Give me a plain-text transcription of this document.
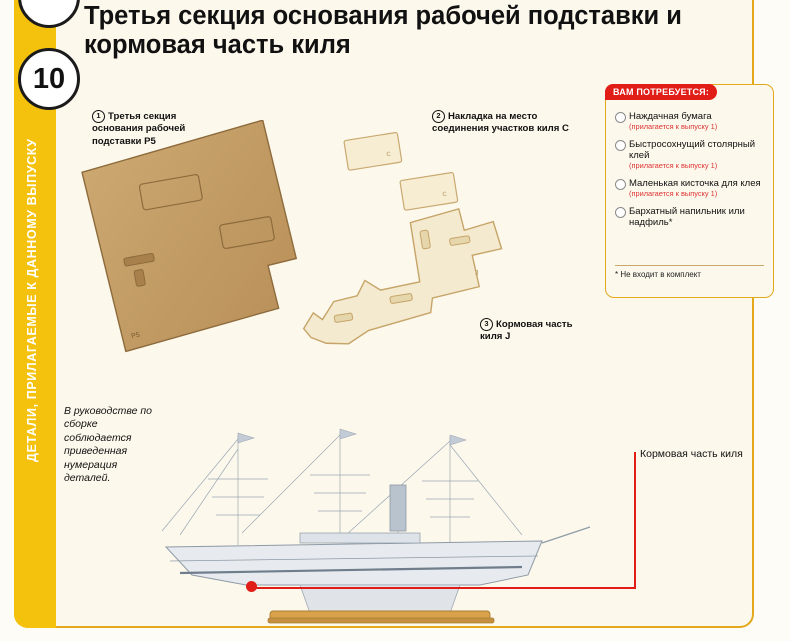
ДЕТАЛИ, ПРИЛАГАЕМЫЕ К ДАННОМУ ВЫПУСКУ
10
Третья секция основания рабочей подставки и кормовая часть киля
ВАМ ПОТРЕБУЕТСЯ:
Наждачная бумага
(прилагается к выпуску 1)
Быстросохнущий столярный клей
(прилагается к выпуску 1)
Маленькая кисточка для клея
(прилагается к выпуску 1)
Бархатный напильник или надфиль*
* Не входит в комплект
1 Третья секция основания рабочей подставки Р5
2 Накладка на место соединения участков киля С
3 Кормовая часть киля J
P5
C
C
J
В руководстве по сборке соблюдается приведенная нумерация деталей.
Кормовая часть киля
